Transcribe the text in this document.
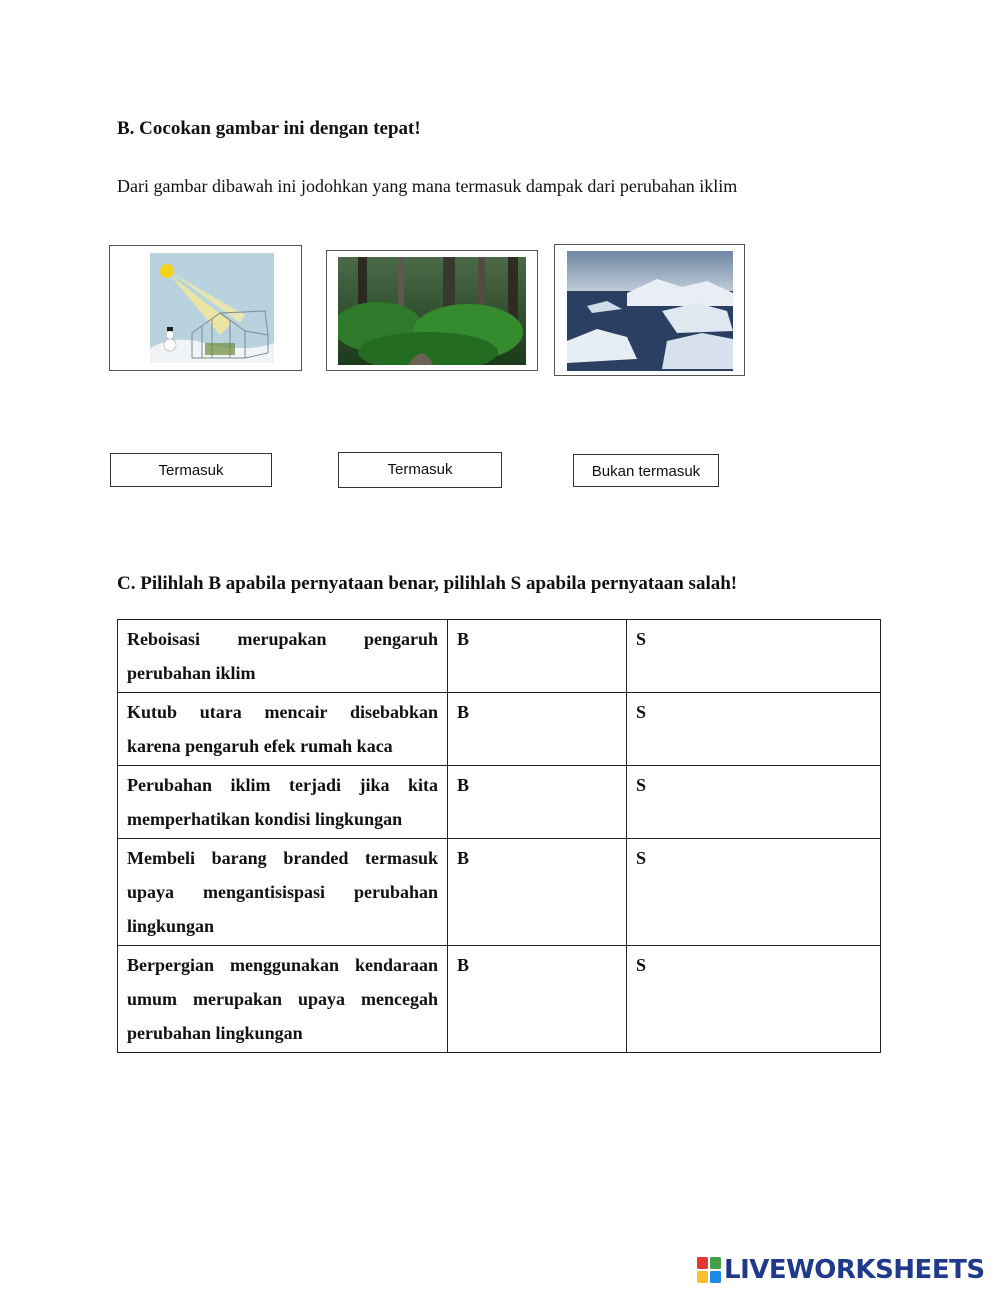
B. Cocokan gambar ini dengan tepat!
Dari gambar dibawah ini jodohkan yang mana termasuk dampak dari perubahan iklim
Termasuk	Termasuk	Bukan termasuk
C. Pilihlah B apabila pernyataan benar, pilihlah S apabila pernyataan salah!
Reboisasi merupakan pengaruh perubahan iklim	B	S
Kutub utara mencair disebabkan karena pengaruh efek rumah kaca	B	S
Perubahan iklim terjadi jika kita memperhatikan kondisi lingkungan	B	S
Membeli barang branded termasuk upaya mengantisispasi perubahan lingkungan	B	S
Berpergian menggunakan kendaraan umum merupakan upaya mencegah perubahan lingkungan	B	S
LIVEWORKSHEETS
